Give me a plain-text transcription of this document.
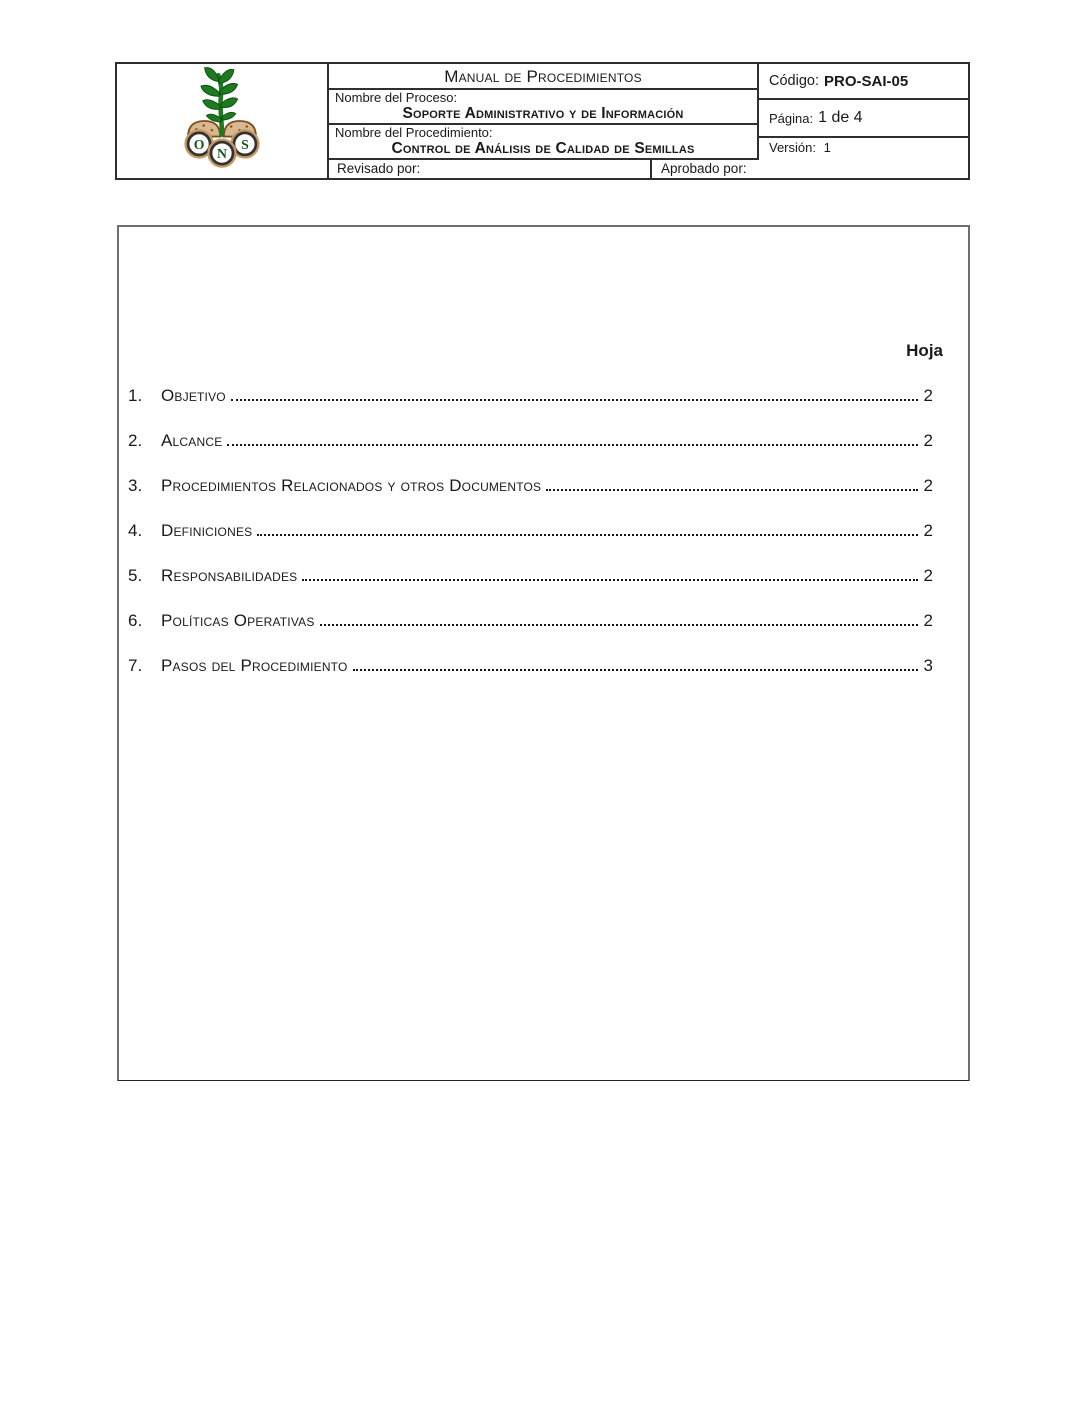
O
N
S
Manual de Procedimientos
Nombre del Proceso:
Soporte Administrativo y de Información
Nombre del Procedimiento:
Control de Análisis de Calidad de Semillas
Revisado por:	Aprobado por:
Código: PRO-SAI-05
Página: 1 de 4
Versión: 1
Hoja
1.	Objetivo	2
2.	Alcance	2
3.	Procedimientos Relacionados y otros Documentos	2
4.	Definiciones	2
5.	Responsabilidades	2
6.	Políticas Operativas	2
7.	Pasos del Procedimiento	3
